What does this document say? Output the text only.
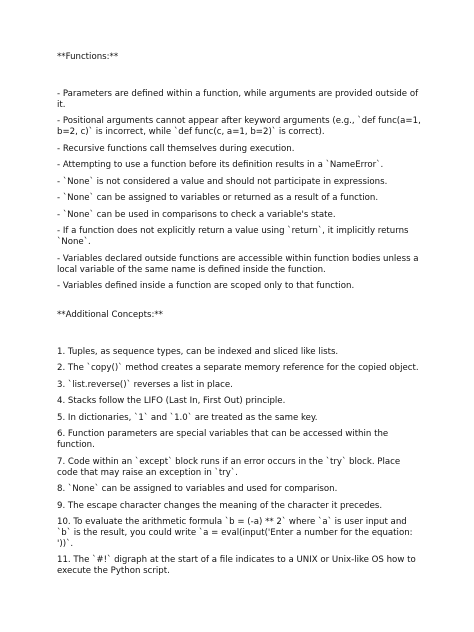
**Functions:**
- Parameters are defined within a function, while arguments are provided outside of it.
- Positional arguments cannot appear after keyword arguments (e.g., `def func(a=1, b=2, c)` is incorrect, while `def func(c, a=1, b=2)` is correct).
- Recursive functions call themselves during execution.
- Attempting to use a function before its definition results in a `NameError`.
- `None` is not considered a value and should not participate in expressions.
- `None` can be assigned to variables or returned as a result of a function.
- `None` can be used in comparisons to check a variable's state.
- If a function does not explicitly return a value using `return`, it implicitly returns `None`.
- Variables declared outside functions are accessible within function bodies unless a local variable of the same name is defined inside the function.
- Variables defined inside a function are scoped only to that function.
**Additional Concepts:**
1. Tuples, as sequence types, can be indexed and sliced like lists.
2. The `copy()` method creates a separate memory reference for the copied object.
3. `list.reverse()` reverses a list in place.
4. Stacks follow the LIFO (Last In, First Out) principle.
5. In dictionaries, `1` and `1.0` are treated as the same key.
6. Function parameters are special variables that can be accessed within the function.
7. Code within an `except` block runs if an error occurs in the `try` block. Place code that may raise an exception in `try`.
8. `None` can be assigned to variables and used for comparison.
9. The escape character changes the meaning of the character it precedes.
10. To evaluate the arithmetic formula `b = (-a) ** 2` where `a` is user input and `b` is the result, you could write `a = eval(input('Enter a number for the equation: '))`.
11. The `#!` digraph at the start of a file indicates to a UNIX or Unix-like OS how to execute the Python script.
